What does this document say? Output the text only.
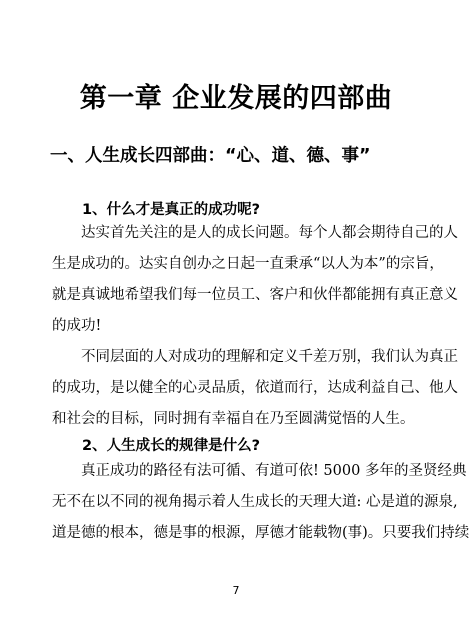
第一章 企业发展的四部曲
一、人生成长四部曲：“心、道、德、事”
1、什么才是真正的成功呢?
达实首先关注的是人的成长问题。每个人都会期待自己的人
生是成功的。达实自创办之日起一直秉承“以人为本”的宗旨，
就是真诚地希望我们每一位员工、客户和伙伴都能拥有真正意义
的成功!
不同层面的人对成功的理解和定义千差万别，我们认为真正
的成功，是以健全的心灵品质，依道而行，达成利益自己、他人
和社会的目标，同时拥有幸福自在乃至圆满觉悟的人生。
2、人生成长的规律是什么?
真正成功的路径有法可循、有道可依! 5000 多年的圣贤经典
无不在以不同的视角揭示着人生成长的天理大道: 心是道的源泉,
道是德的根本，德是事的根源，厚德才能载物(事)。只要我们持续
7
